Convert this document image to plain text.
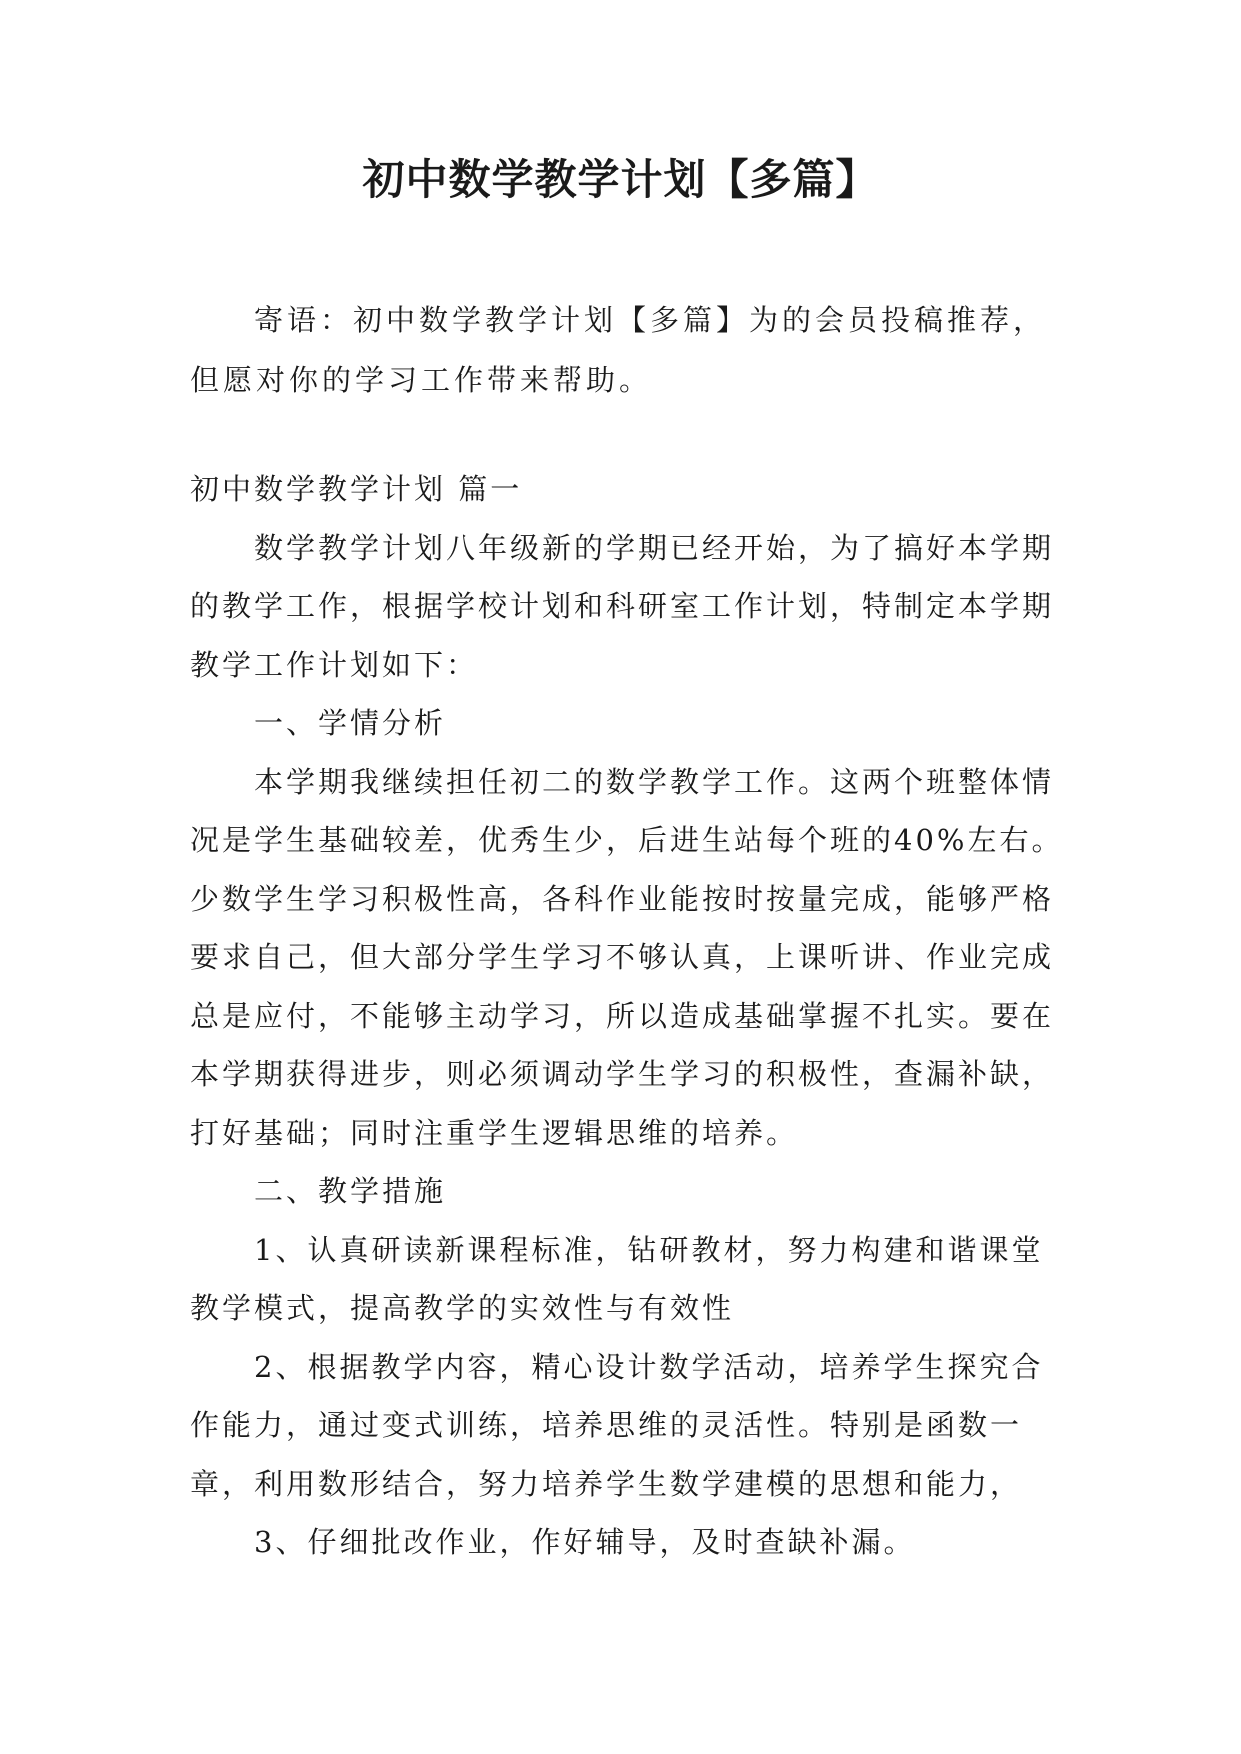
初中数学教学计划【多篇】

寄语：初中数学教学计划【多篇】为的会员投稿推荐，但愿对你的学习工作带来帮助。

初中数学教学计划 篇一

数学教学计划八年级新的学期已经开始，为了搞好本学期的教学工作，根据学校计划和科研室工作计划，特制定本学期教学工作计划如下：

一、学情分析

本学期我继续担任初二的数学教学工作。这两个班整体情况是学生基础较差，优秀生少，后进生站每个班的40%左右。少数学生学习积极性高，各科作业能按时按量完成，能够严格要求自己，但大部分学生学习不够认真，上课听讲、作业完成总是应付，不能够主动学习，所以造成基础掌握不扎实。要在本学期获得进步，则必须调动学生学习的积极性，查漏补缺，打好基础；同时注重学生逻辑思维的培养。

二、教学措施

1、认真研读新课程标准，钻研教材，努力构建和谐课堂教学模式，提高教学的实效性与有效性

2、根据教学内容，精心设计数学活动，培养学生探究合作能力，通过变式训练，培养思维的灵活性。特别是函数一章，利用数形结合，努力培养学生数学建模的思想和能力，

3、仔细批改作业，作好辅导，及时查缺补漏。
